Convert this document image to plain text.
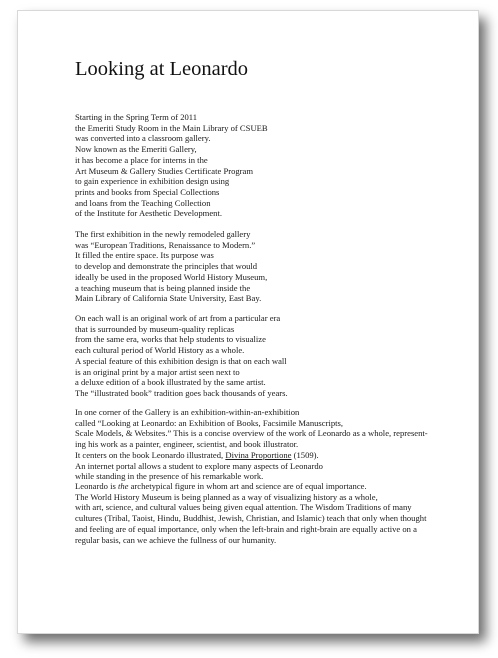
Looking at Leonardo

Starting in the Spring Term of 2011
the Emeriti Study Room in the Main Library of CSUEB
was converted into a classroom gallery.
Now known as the Emeriti Gallery,
it has become a place for interns in the
Art Museum & Gallery Studies Certificate Program
to gain experience in exhibition design using
prints and books from Special Collections
and loans from the Teaching Collection
of the Institute for Aesthetic Development.

The first exhibition in the newly remodeled gallery
was “European Traditions, Renaissance to Modern.”
It filled the entire space. Its purpose was
to develop and demonstrate the principles that would
ideally be used in the proposed World History Museum,
a teaching museum that is being planned inside the
Main Library of California State University, East Bay.

On each wall is an original work of art from a particular era
that is surrounded by museum-quality replicas
from the same era, works that help students to visualize
each cultural period of World History as a whole.
A special feature of this exhibition design is that on each wall
is an original print by a major artist seen next to
a deluxe edition of a book illustrated by the same artist.
The “illustrated book” tradition goes back thousands of years.

In one corner of the Gallery is an exhibition-within-an-exhibition
called “Looking at Leonardo: an Exhibition of Books, Facsimile Manuscripts,
Scale Models, & Websites.” This is a concise overview of the work of Leonardo as a whole, represent-
ing his work as a painter, engineer, scientist, and book illustrator.
It centers on the book Leonardo illustrated, Divina Proportione (1509).
An internet portal allows a student to explore many aspects of Leonardo
while standing in the presence of his remarkable work.

Leonardo is the archetypical figure in whom art and science are of equal importance.
The World History Museum is being planned as a way of visualizing history as a whole,
with art, science, and cultural values being given equal attention. The Wisdom Traditions of many
cultures (Tribal, Taoist, Hindu, Buddhist, Jewish, Christian, and Islamic) teach that only when thought
and feeling are of equal importance, only when the left-brain and right-brain are equally active on a
regular basis, can we achieve the fullness of our humanity.
